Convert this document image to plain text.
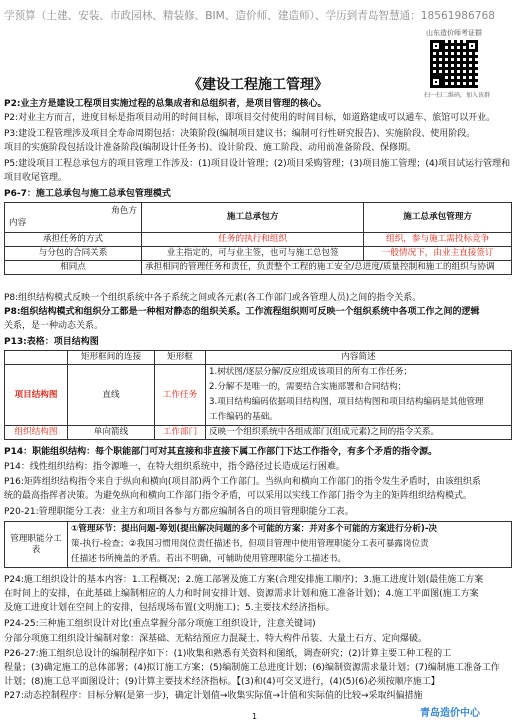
学预算（土建、安装、市政园林、精装修、BIM、造价师、建造师）、学历到青岛智慧通：18561986768
山东造价师考证群
扫一扫二维码，加入该群
《建设工程施工管理》
P2:业主方是建设工程项目实施过程的总集成者和总组织者，是项目管理的核心。
P2:对业主方而言，进度目标是指项目动用的时间目标，即项目交付使用的时间目标，如道路建成可以通车、旅馆可以开业。
P3:建设工程管理涉及项目全寿命周期包括：决策阶段(编制项目建议书；编制可行性研究报告)、实施阶段、使用阶段。
项目的实施阶段包括设计准备阶段(编制设计任务书)、设计阶段、施工阶段、动用前准备阶段、保修期。
P5:建设项目工程总承包方的项目管理工作涉及：(1)项目设计管理；(2)项目采购管理；(3)项目施工管理；(4)项目试运行管理和
项目收尾管理。
P6-7：施工总承包与施工总承包管理模式
角色方
内容	施工总承包方	施工总承包管理方
承担任务的方式	任务的执行和组织	组织，参与施工需投标竞争
与分包的合同关系	业主指定的，可与业主签，也可与施工总包签	一般情况下，由业主直接签订
相同点	承担相同的管理任务和责任，负责整个工程的施工安全/总进度/质量控制和施工的组织与协调	
P8:组织结构模式反映一个组织系统中各子系统之间或各元素(各工作部门或各管理人员)之间的指令关系。
P8:组织结构模式和组织分工都是一种相对静态的组织关系。工作流程组织则可反映一个组织系统中各项工作之间的逻辑
关系，是一种动态关系。
P13:表格：项目结构图
	矩形框间的连接	矩形框	内容简述
项目结构图	直线	工作任务	1.树状图/逐层分解/反应组成该项目的所有工作任务；
2.分解不是唯一的，需要结合实施部署和合同结构；
3.项目结构编码依据项目结构图，项目结构图和项目结构编码是其他管理
工作编码的基础。

组织结构图	单向箭线	工作部门	反映一个组织系统中各组成部门(组成元素)之间的指令关系。
P14：职能组织结构：每个职能部门可对其直接和非直接下属工作部门下达工作指令，有多个矛盾的指令源。
P14：线性组织结构：指令源唯一，在特大组织系统中，指令路径过长造成运行困难。
P16:矩阵组织结构指令来自于纵向和横向(项目部)两个工作部门。当纵向和横向工作部门的指令发生矛盾时，由该组织系
统的最高指挥者决策。为避免纵向和横向工作部门指令矛盾，可以采用以实线工作部门指令为主的矩阵组织结构模式。
P20-21:管理职能分工表：业主方和项目各参与方都应编制各自的项目管理职能分工表。
管理职能分工表	
①管理环节：提出问题-筹划(提出解决问题的多个可能的方案：并对多个可能的方案进行分析)-决
策-执行-检查；②我国习惯用岗位责任描述书，但项目管理中使用管理职能分工表可暴露岗位责
任描述书所掩盖的矛盾。若出不明确，可辅助使用管理职能分工描述书。
P24:施工组织设计的基本内容：1.工程概况；2.施工部署及施工方案(合理安排施工顺序)；3.施工进度计划(最佳施工方案
在时间上的安排，在此基础上编制相应的人力和时间安排计划、资源需求计划和施工准备计划)；4.施工平面图(施工方案
及施工进度计划在空间上的安排，包括现场布置(文明施工)；5.主要技术经济指标。
P24-25:三种施工组织设计对比(重点掌握分部分项施工组织设计，注意关键词)
分部分项施工组织设计编制对象：深基础、无粘结预应力混凝土、特大构件吊装、大量土石方、定向爆破。
P26-27:施工组织总设计的编制程序如下：(1)收集和熟悉有关资料和图纸，调查研究；(2)计算主要工种工程的工
程量；(3)确定施工的总体部署；(4)拟订施工方案；(5)编制施工总进度计划；(6)编制资源需求量计划；(7)编制施工准备工作
计划；(8)施工总平面图设计；(9)计算主要技术经济指标。【(3)和(4)可交叉进行，(4)(5)(6)必须按顺序施工】
P27:动态控制程序：目标分解(是第一步)，确定计划值→收集实际值→计值和实际值的比较→采取纠偏措施
青岛造价中心
1
